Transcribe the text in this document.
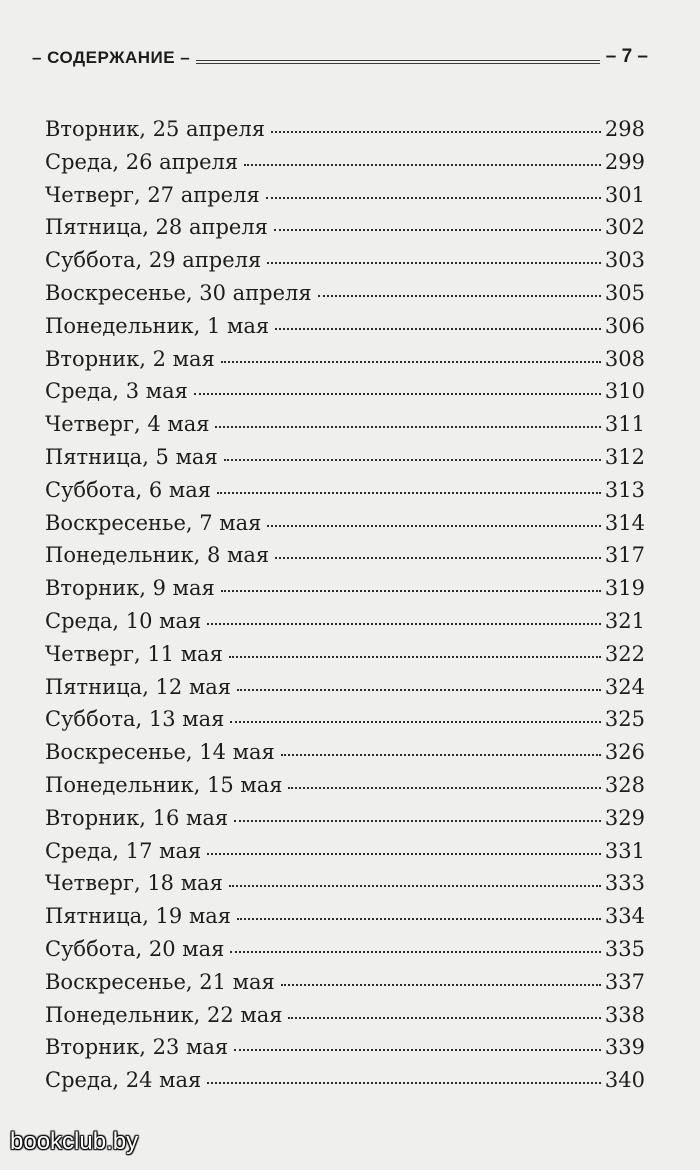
– СОДЕРЖАНИЕ –	– 7 –
Вторник, 25 апреля	298
Среда, 26 апреля	299
Четверг, 27 апреля	301
Пятница, 28 апреля	302
Суббота, 29 апреля	303
Воскресенье, 30 апреля	305
Понедельник, 1 мая	306
Вторник, 2 мая	308
Среда, 3 мая	310
Четверг, 4 мая	311
Пятница, 5 мая	312
Суббота, 6 мая	313
Воскресенье, 7 мая	314
Понедельник, 8 мая	317
Вторник, 9 мая	319
Среда, 10 мая	321
Четверг, 11 мая	322
Пятница, 12 мая	324
Суббота, 13 мая	325
Воскресенье, 14 мая	326
Понедельник, 15 мая	328
Вторник, 16 мая	329
Среда, 17 мая	331
Четверг, 18 мая	333
Пятница, 19 мая	334
Суббота, 20 мая	335
Воскресенье, 21 мая	337
Понедельник, 22 мая	338
Вторник, 23 мая	339
Среда, 24 мая	340
bookclub.by
